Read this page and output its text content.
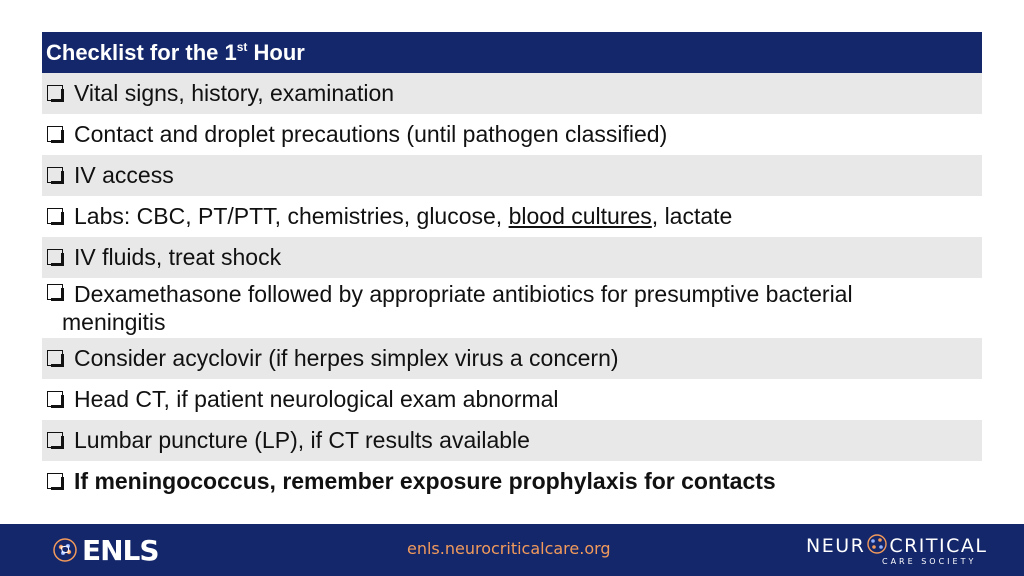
Checklist for the 1st Hour
Vital signs, history, examination
Contact and droplet precautions (until pathogen classified)
IV access
Labs: CBC, PT/PTT, chemistries, glucose, blood cultures, lactate
IV fluids, treat shock
Dexamethasone followed by appropriate antibiotics for presumptive bacterial
meningitis
Consider acyclovir (if herpes simplex virus a concern)
Head CT, if patient neurological exam abnormal
Lumbar puncture (LP), if CT results available
If meningococcus, remember exposure prophylaxis for contacts
ENLS	enls.neurocriticalcare.org	NEUR CRITICAL
CARE SOCIETY
